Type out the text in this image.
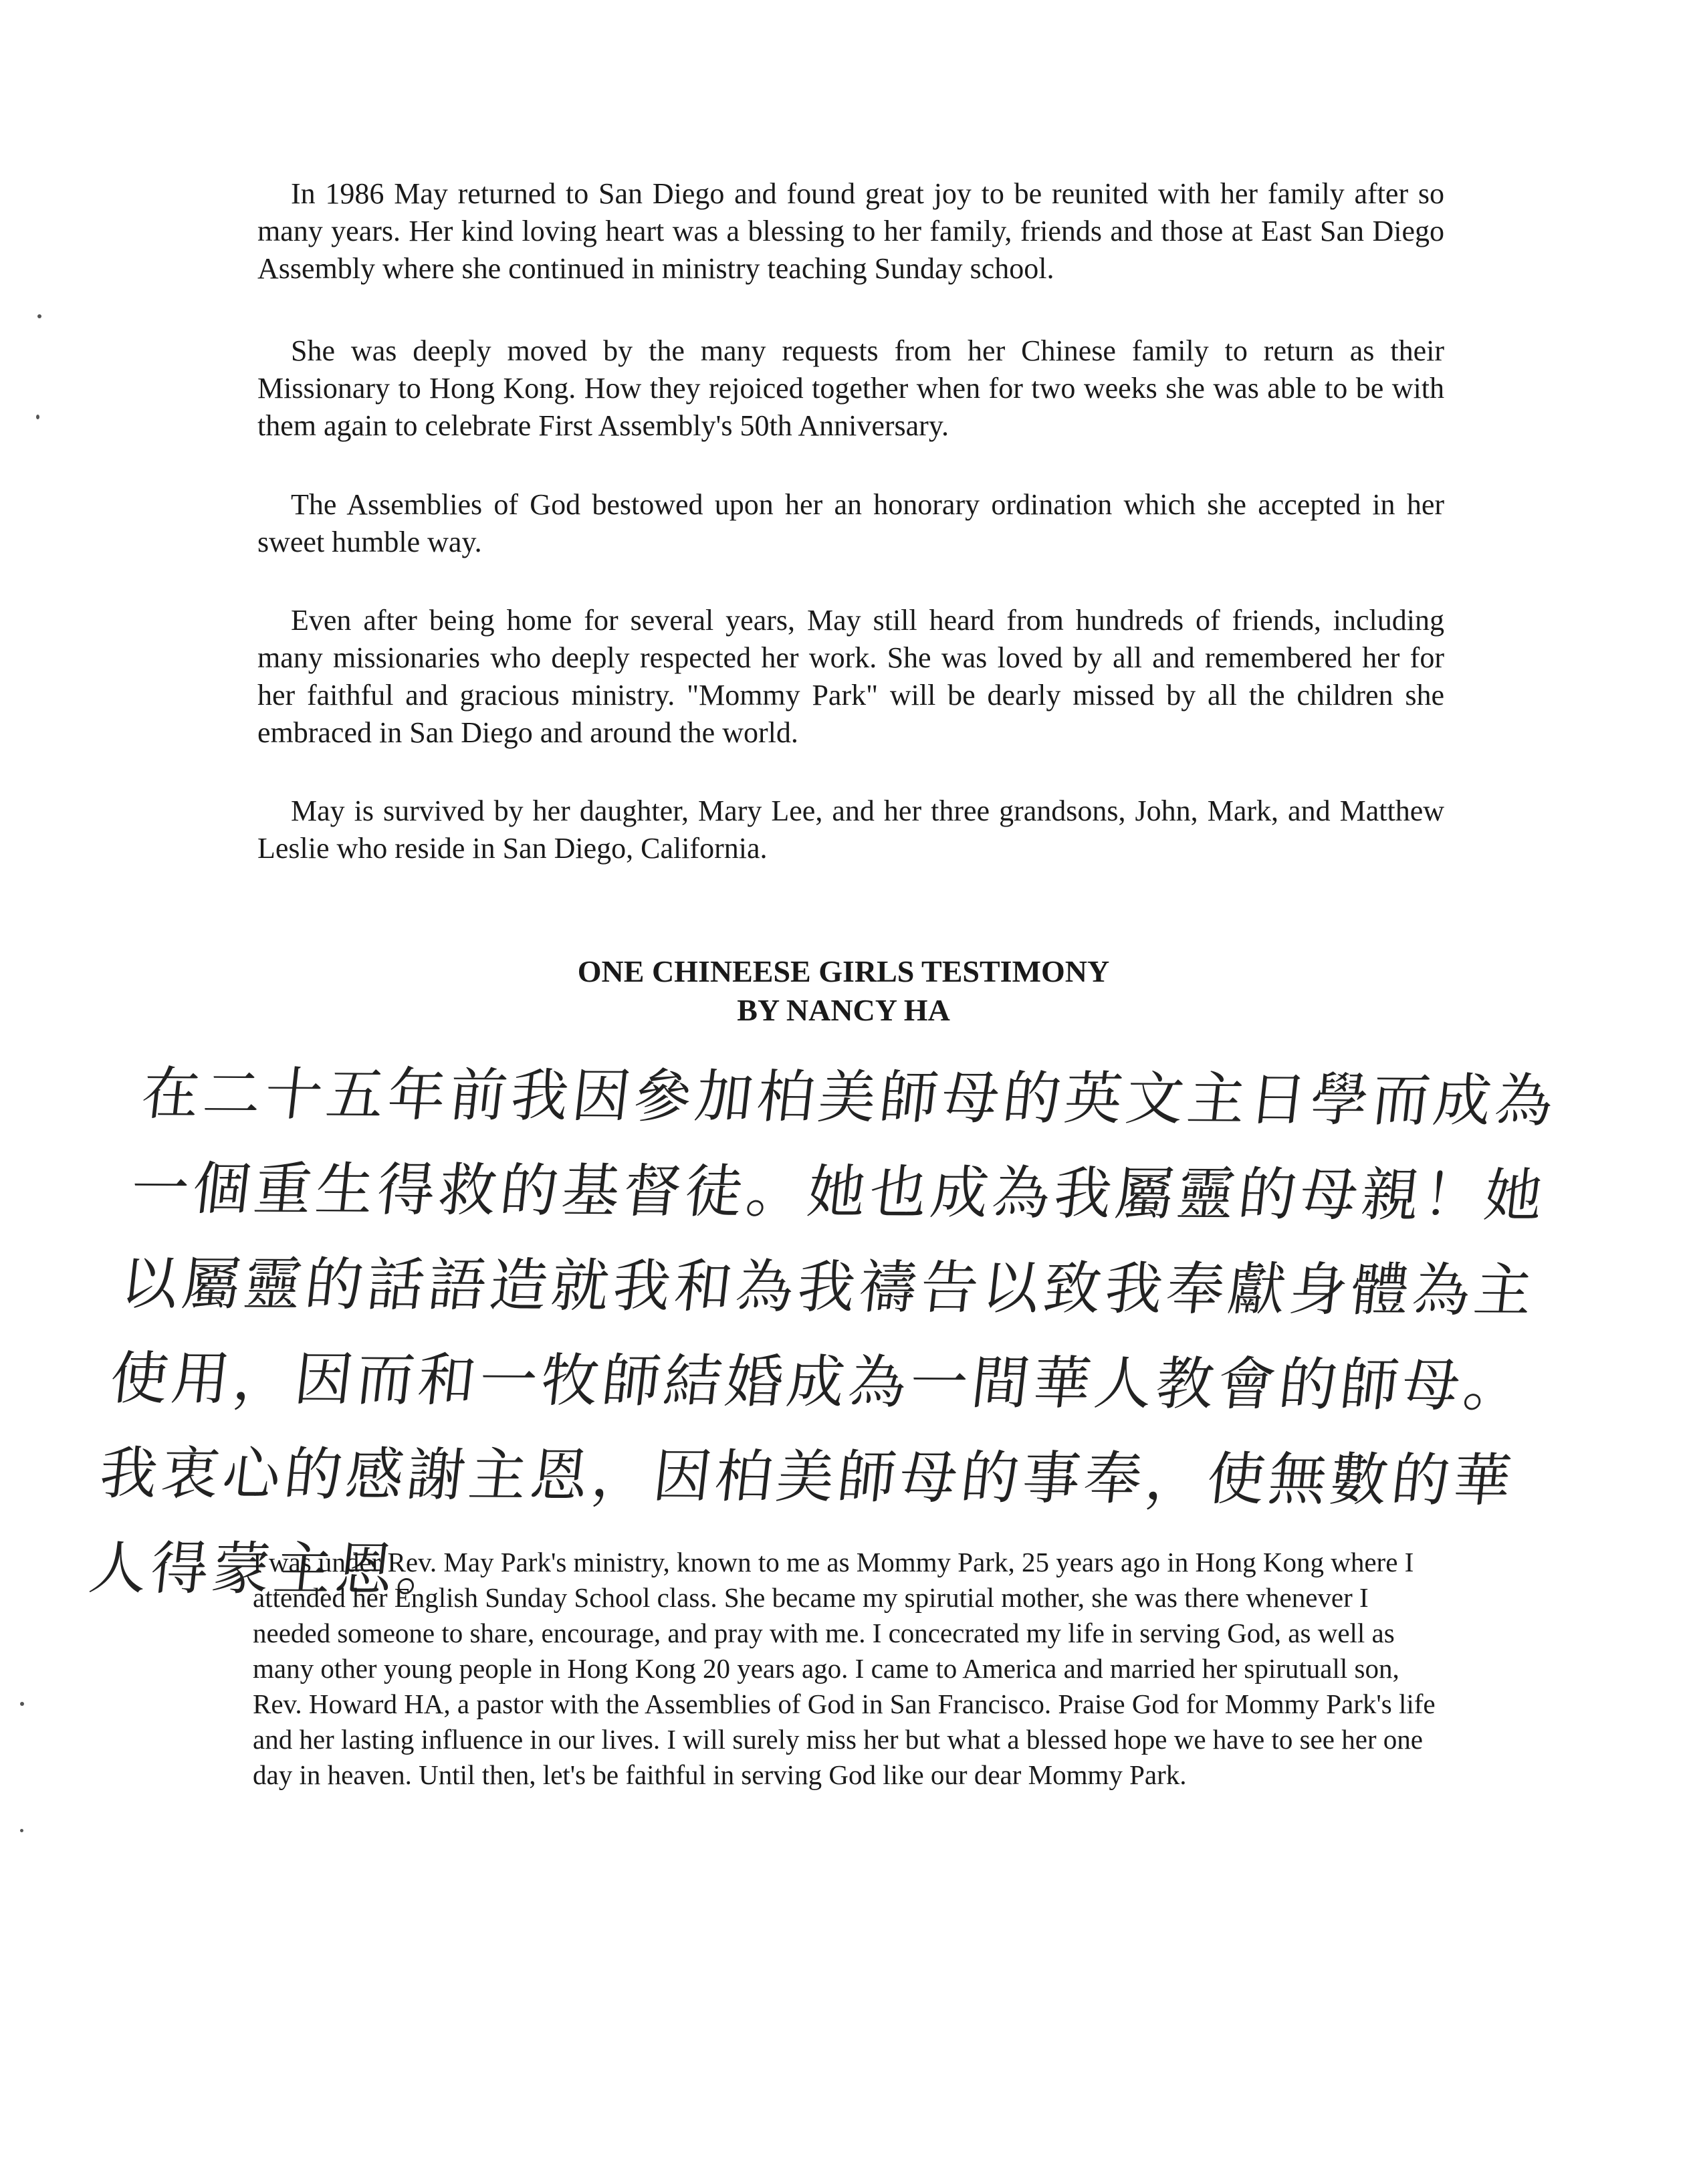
In 1986 May returned to San Diego and found great joy to be reunited with her family after so many years. Her kind loving heart was a blessing to her family, friends and those at East San Diego Assembly where she continued in ministry teaching Sunday school.

She was deeply moved by the many requests from her Chinese family to return as their Missionary to Hong Kong. How they rejoiced together when for two weeks she was able to be with them again to celebrate First Assembly's 50th Anniversary.

The Assemblies of God bestowed upon her an honorary ordination which she accepted in her sweet humble way.

Even after being home for several years, May still heard from hundreds of friends, including many missionaries who deeply respected her work. She was loved by all and remembered her for her faithful and gracious ministry. "Mommy Park" will be dearly missed by all the children she embraced in San Diego and around the world.

May is survived by her daughter, Mary Lee, and her three grandsons, John, Mark, and Matthew Leslie who reside in San Diego, California.

ONE CHINEESE GIRLS TESTIMONY
BY NANCY HA

在二十五年前我因參加柏美師母的英文主日學而成為一個重生得救的基督徒。她也成為我屬靈的母親！她以屬靈的話語造就我和為我禱告以致我奉獻身體為主使用，因而和一牧師結婚成為一間華人教會的師母。我衷心的感謝主恩，因柏美師母的事奉，使無數的華人得蒙主恩。

I was under Rev. May Park's ministry, known to me as Mommy Park, 25 years ago in Hong Kong where I attended her English Sunday School class. She became my spirutial mother, she was there whenever I needed someone to share, encourage, and pray with me. I concecrated my life in serving God, as well as many other young people in Hong Kong 20 years ago. I came to America and married her spirutuall son, Rev. Howard HA, a pastor with the Assemblies of God in San Francisco. Praise God for Mommy Park's life and her lasting influence in our lives. I will surely miss her but what a blessed hope we have to see her one day in heaven. Until then, let's be faithful in serving God like our dear Mommy Park.
